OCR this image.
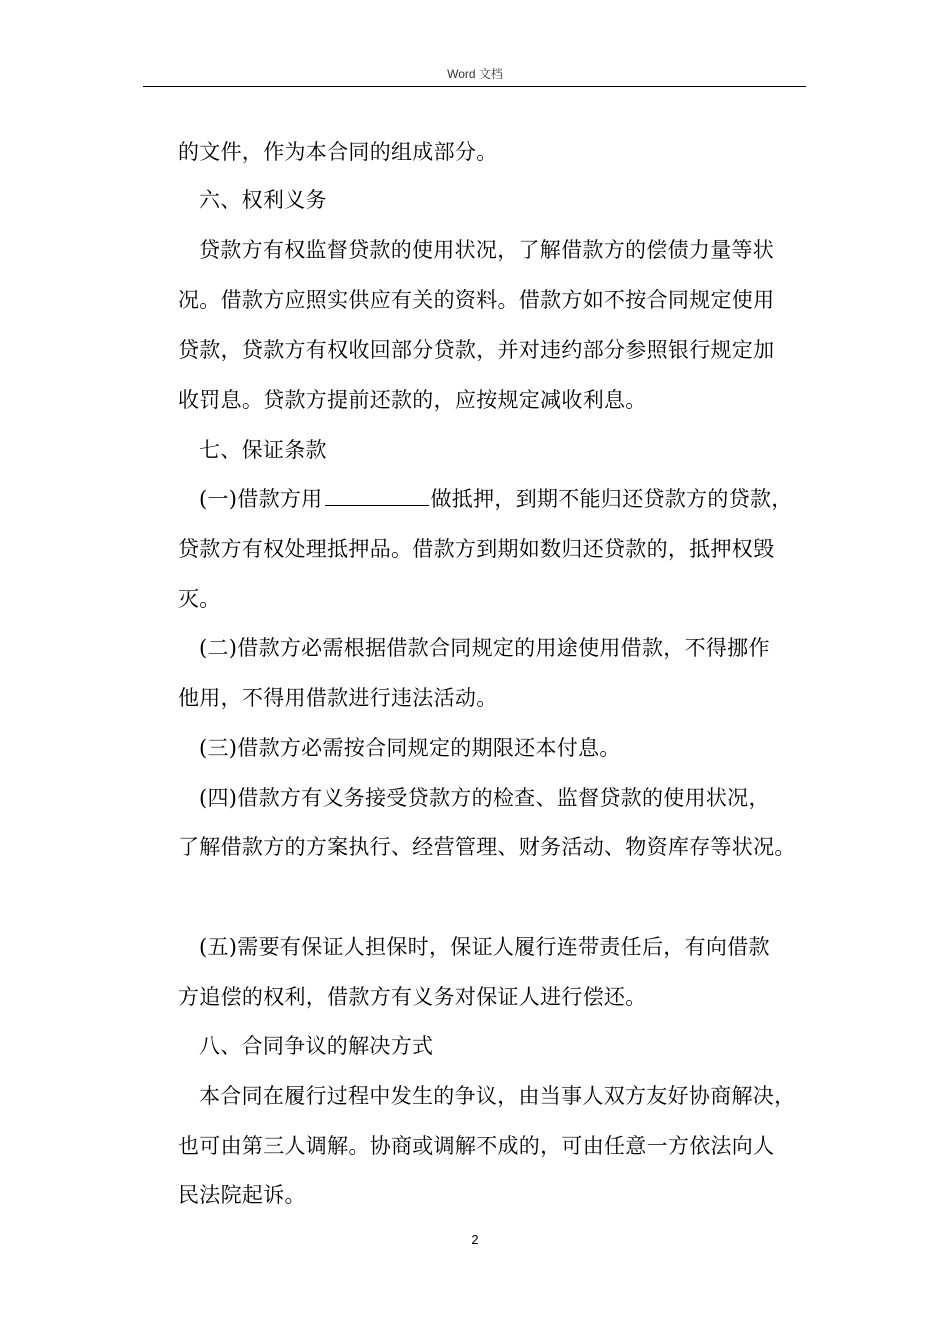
Word 文档
的文件，作为本合同的组成部分。
六、权利义务
贷款方有权监督贷款的使用状况，了解借款方的偿债力量等状
况。借款方应照实供应有关的资料。借款方如不按合同规定使用
贷款，贷款方有权收回部分贷款，并对违约部分参照银行规定加
收罚息。贷款方提前还款的，应按规定减收利息。
七、保证条款
(一)借款方用	做抵押，到期不能归还贷款方的贷款，
贷款方有权处理抵押品。借款方到期如数归还贷款的，抵押权毁
灭。
(二)借款方必需根据借款合同规定的用途使用借款，不得挪作
他用，不得用借款进行违法活动。
(三)借款方必需按合同规定的期限还本付息。
(四)借款方有义务接受贷款方的检查、监督贷款的使用状况，
了解借款方的方案执行、经营管理、财务活动、物资库存等状况。
(五)需要有保证人担保时，保证人履行连带责任后，有向借款
方追偿的权利，借款方有义务对保证人进行偿还。
八、合同争议的解决方式
本合同在履行过程中发生的争议，由当事人双方友好协商解决，
也可由第三人调解。协商或调解不成的，可由任意一方依法向人
民法院起诉。
2
